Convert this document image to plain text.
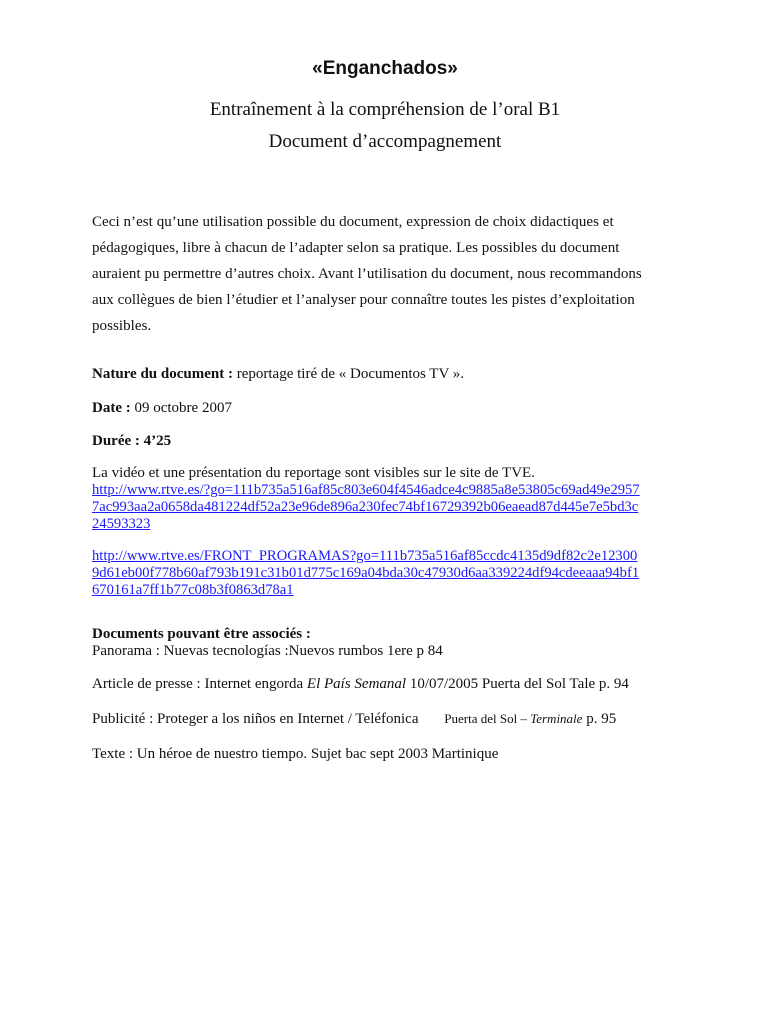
«Enganchados»
Entraînement à la compréhension de l’oral B1
Document d’accompagnement
Ceci n’est qu’une utilisation possible du document, expression de choix didactiques et
pédagogiques, libre à chacun de l’adapter selon sa pratique. Les possibles du document
auraient pu permettre d’autres choix. Avant l’utilisation du document, nous recommandons
aux collègues de bien l’étudier et l’analyser pour connaître toutes les pistes d’exploitation
possibles.
Nature du document : reportage tiré de « Documentos TV ».
Date : 09 octobre 2007
Durée : 4’25
La vidéo et une présentation du reportage sont visibles sur le site de TVE.
http://www.rtve.es/?go=111b735a516af85c803e604f4546adce4c9885a8e53805c69ad49e2957
7ac993aa2a0658da481224df52a23e96de896a230fec74bf16729392b06eaead87d445e7e5bd3c
24593323
http://www.rtve.es/FRONT_PROGRAMAS?go=111b735a516af85ccdc4135d9df82c2e12300
9d61eb00f778b60af793b191c31b01d775c169a04bda30c47930d6aa339224df94cdeeaaa94bf1
670161a7ff1b77c08b3f0863d78a1
Documents pouvant être associés :
Panorama : Nuevas tecnologías :Nuevos rumbos 1ere p 84
Article de presse : Internet engorda El País Semanal 10/07/2005 Puerta del Sol Tale p. 94
Publicité : Proteger a los niños en Internet / Teléfonica Puerta del Sol – Terminale p. 95
Texte : Un héroe de nuestro tiempo. Sujet bac sept 2003 Martinique
